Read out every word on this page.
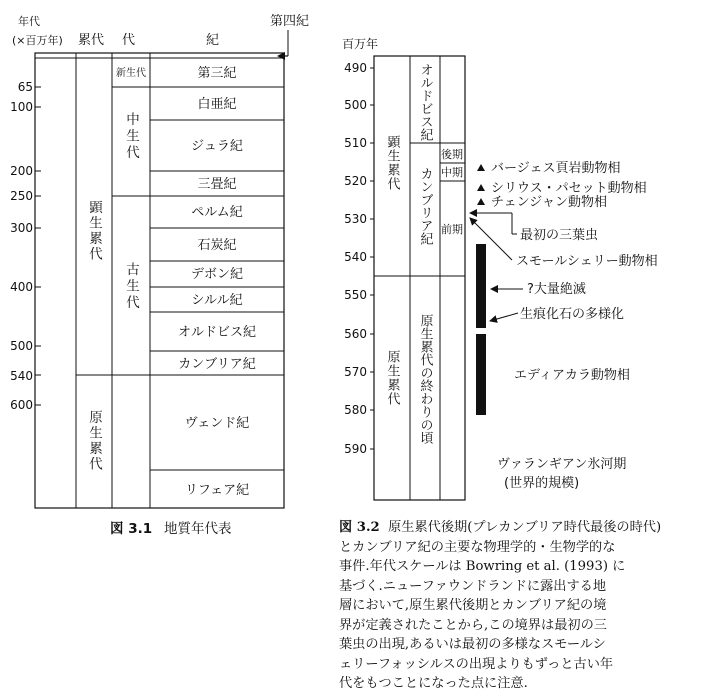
年代
(×百万年) 累代 代	紀
第四紀
65
100
200
250
300
400
500
540
600
顕生累代
原生累代
新生代
中生代
古生代
第三紀
白亜紀
ジュラ紀
三畳紀
ペルム紀
石炭紀
デボン紀
シルル紀
オルドビス紀
カンブリア紀
ヴェンド紀
リフェア紀
図 3.1 地質年代表
百万年
490
500
510
520
530
540
550
560
570
580
590
顕生累代
原生累代
オルドビス紀
カンブリア紀
原生累代の終わりの頃
後期
中期
前期
バージェス頁岩動物相
シリウス・パセット動物相
チェンジャン動物相
最初の三葉虫
スモールシェリー動物相
?大量絶滅
生痕化石の多様化
エディアカラ動物相
ヴァランギアン氷河期
(世界的規模)
図 3.2 原生累代後期(プレカンブリア時代最後の時代)
とカンブリア紀の主要な物理学的・生物学的な
事件.年代スケールは Bowring et al. (1993) に
基づく.ニューファウンドランドに露出する地
層において,原生累代後期とカンブリア紀の境
界が定義されたことから,この境界は最初の三
葉虫の出現,あるいは最初の多様なスモールシ
ェリーフォッシルスの出現よりもずっと古い年
代をもつことになった点に注意.
